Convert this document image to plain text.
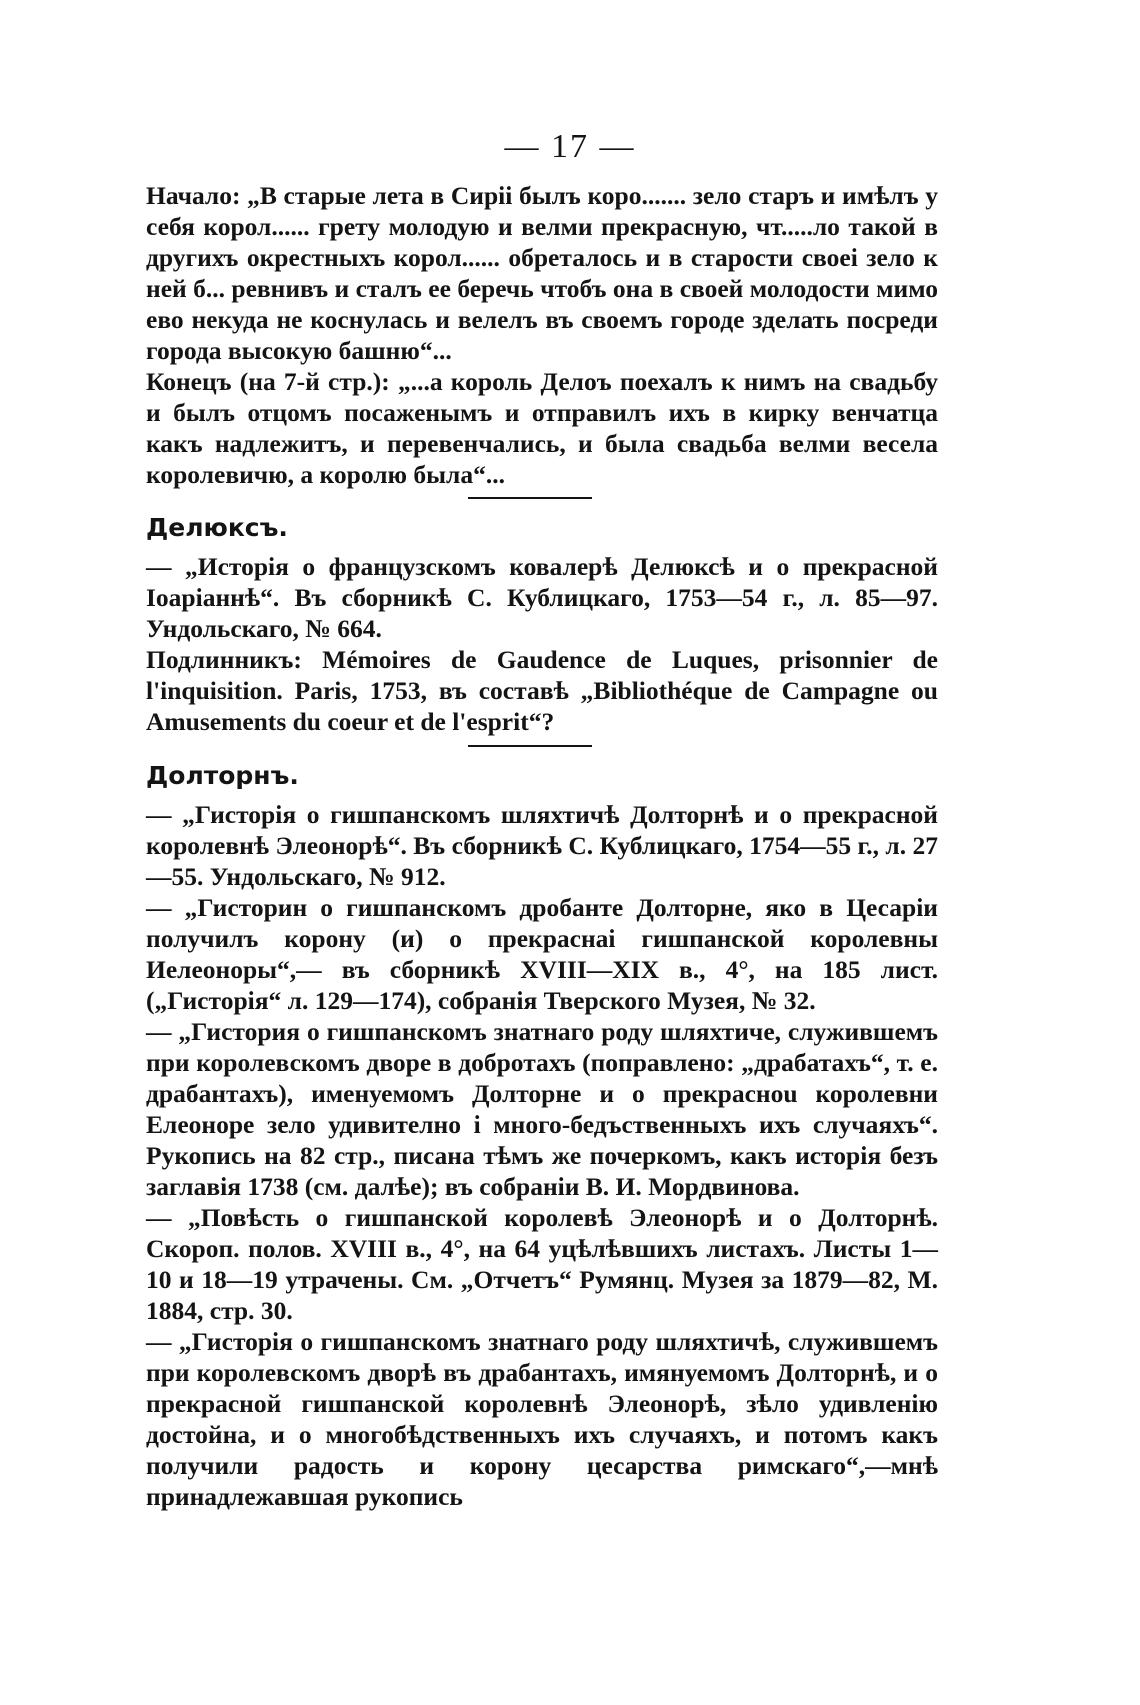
— 17 —

Начало: „В старые лета в Сиріі былъ коро....... зело старъ и имѣлъ у себя корол...... грету молодую и велми прекрасную, чт.....ло такой в другихъ окрестныхъ корол...... обреталось и в старости своеі зело к ней б... ревнивъ и сталъ ее беречь чтобъ она в своей молодости мимо ево некуда не коснулась и велелъ въ своемъ городе зделать посреди города высокую башню“...

Конецъ (на 7-й стр.): „...а король Делоъ поехалъ к нимъ на свадьбу и былъ отцомъ посаженымъ и отправилъ ихъ в кирку венчатца какъ надлежитъ, и перевенчались, и была свадьба велми весела королевичю, а королю была“...

Делюксъ.

— „Исторія о французскомъ ковалерѣ Делюксѣ и о прекрасной Іоаріаннѣ“. Въ сборникѣ С. Кублицкаго, 1753—54 г., л. 85—97. Ундольскаго, № 664.

Подлинникъ: Mémoires de Gaudence de Luques, prisonnier de l'inquisition. Paris, 1753, въ составѣ „Bibliothéque de Campagne ou Amusements du coeur et de l'esprit“?

Долторнъ.

— „Гисторія о гишпанскомъ шляхтичѣ Долторнѣ и о прекрасной королевнѣ Элеонорѣ“. Въ сборникѣ С. Кублицкаго, 1754—55 г., л. 27—55. Ундольскаго, № 912.

— „Гисторин о гишпанскомъ дробанте Долторне, яко в Цесаріи получилъ корону (и) о прекраснаі гишпанской королевны Иелеоноры“,— въ сборникѣ XVIII—XIX в., 4°, на 185 лист. („Гисторія“ л. 129—174), собранія Тверского Музея, № 32.

— „Гистория о гишпанскомъ знатнаго роду шляхтиче, служившемъ при королевскомъ дворе в добротахъ (поправлено: „драбатахъ“, т. е. драбантахъ), именуемомъ Долторне и о прекрасноu королевни Елеоноре зело удивително і много-бедъственныхъ ихъ случаяхъ“. Рукопись на 82 стр., писана тѣмъ же почеркомъ, какъ исторія безъ заглавія 1738 (см. далѣе); въ собраніи В. И. Мордвинова.

— „Повѣсть о гишпанской королевѣ Элеонорѣ и о Долторнѣ. Скороп. полов. XVIII в., 4°, на 64 уцѣлѣвшихъ листахъ. Листы 1—10 и 18—19 утрачены. См. „Отчетъ“ Румянц. Музея за 1879—82, М. 1884, стр. 30.

— „Гисторія о гишпанскомъ знатнаго роду шляхтичѣ, служившемъ при королевскомъ дворѣ въ драбантахъ, имянуемомъ Долторнѣ, и о прекрасной гишпанской королевнѣ Элеонорѣ, зѣло удивленію достойна, и о многобѣдственныхъ ихъ случаяхъ, и потомъ какъ получили радость и корону цесарства римскаго“,—мнѣ принадлежавшая рукопись
